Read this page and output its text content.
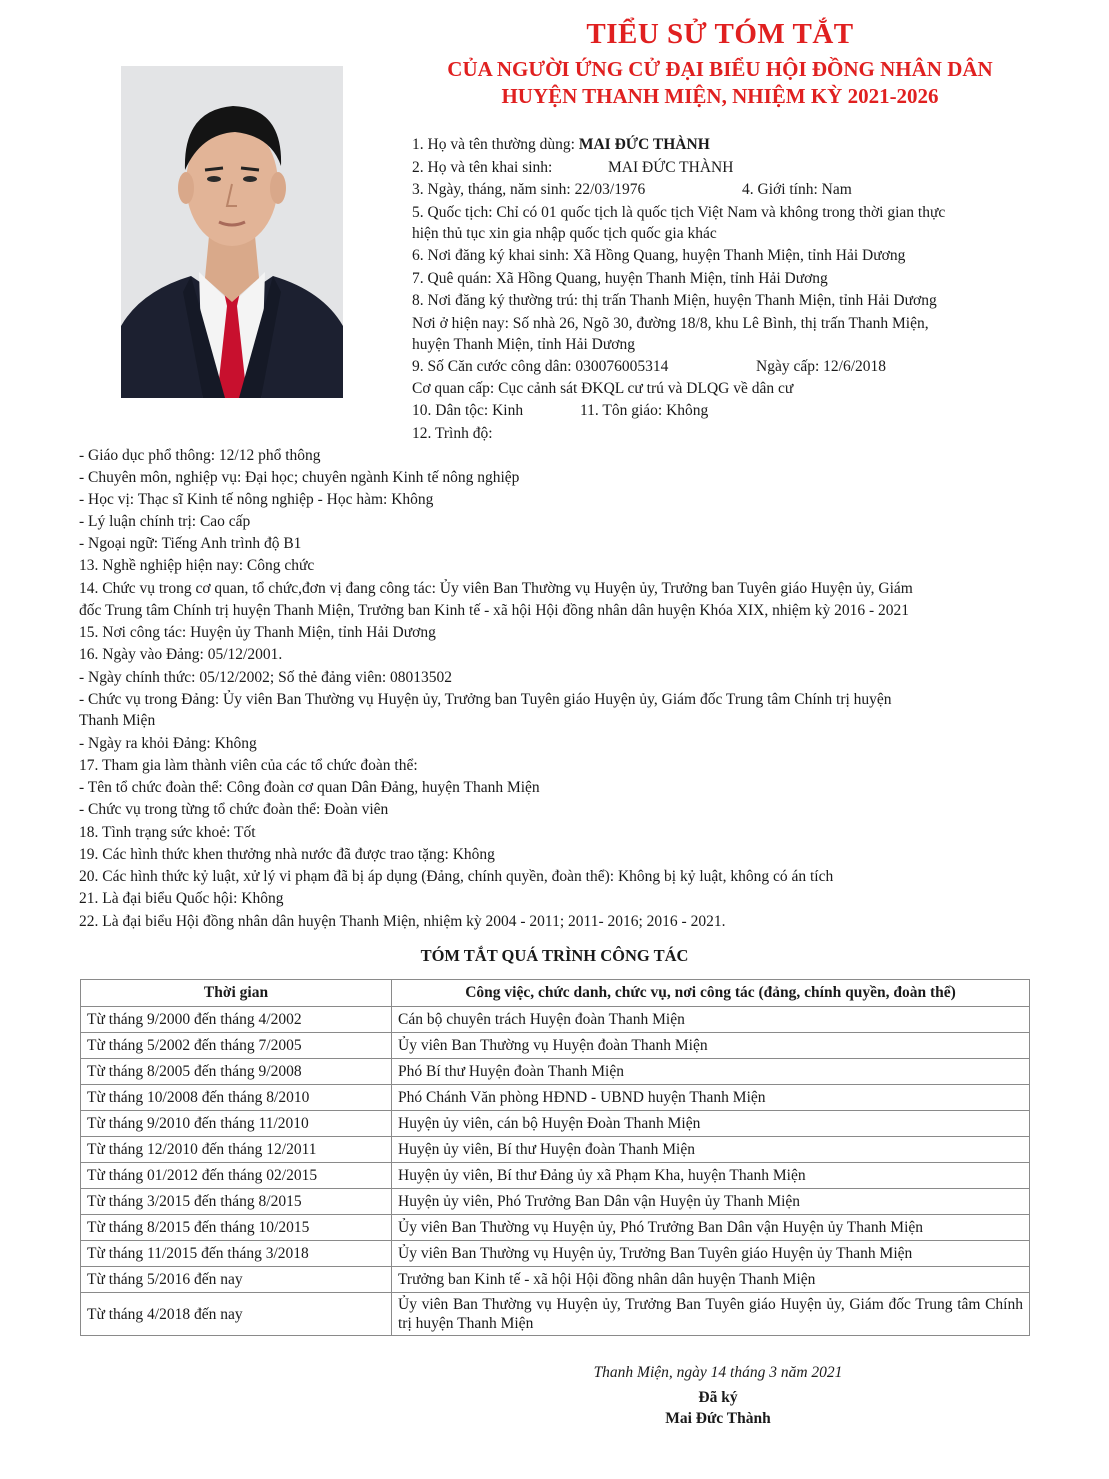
TIỂU SỬ TÓM TẮT
CỦA NGƯỜI ỨNG CỬ ĐẠI BIỂU HỘI ĐỒNG NHÂN DÂN
HUYỆN THANH MIỆN, NHIỆM KỲ 2021-2026
1. Họ và tên thường dùng: MAI ĐỨC THÀNH
2. Họ và tên khai sinh:	MAI ĐỨC THÀNH
3. Ngày, tháng, năm sinh: 22/03/1976	4. Giới tính: Nam
5. Quốc tịch: Chỉ có 01 quốc tịch là quốc tịch Việt Nam và không trong thời gian thực
hiện thủ tục xin gia nhập quốc tịch quốc gia khác
6. Nơi đăng ký khai sinh: Xã Hồng Quang, huyện Thanh Miện, tỉnh Hải Dương
7. Quê quán: Xã Hồng Quang, huyện Thanh Miện, tỉnh Hải Dương
8. Nơi đăng ký thường trú: thị trấn Thanh Miện, huyện Thanh Miện, tỉnh Hải Dương
Nơi ở hiện nay: Số nhà 26, Ngõ 30, đường 18/8, khu Lê Bình, thị trấn Thanh Miện,
huyện Thanh Miện, tỉnh Hải Dương
9. Số Căn cước công dân: 030076005314	Ngày cấp: 12/6/2018
Cơ quan cấp: Cục cảnh sát ĐKQL cư trú và DLQG về dân cư
10. Dân tộc: Kinh	11. Tôn giáo: Không
12. Trình độ:
- Giáo dục phổ thông: 12/12 phổ thông
- Chuyên môn, nghiệp vụ: Đại học; chuyên ngành Kinh tế nông nghiệp
- Học vị: Thạc sĩ Kinh tế nông nghiệp - Học hàm: Không
- Lý luận chính trị: Cao cấp
- Ngoại ngữ: Tiếng Anh trình độ B1
13. Nghề nghiệp hiện nay: Công chức
14. Chức vụ trong cơ quan, tổ chức,đơn vị đang công tác: Ủy viên Ban Thường vụ Huyện ủy, Trưởng ban Tuyên giáo Huyện ủy, Giám
đốc Trung tâm Chính trị huyện Thanh Miện, Trưởng ban Kinh tế - xã hội Hội đồng nhân dân huyện Khóa XIX, nhiệm kỳ 2016 - 2021
15. Nơi công tác: Huyện ủy Thanh Miện, tỉnh Hải Dương
16. Ngày vào Đảng: 05/12/2001.
- Ngày chính thức: 05/12/2002; Số thẻ đảng viên: 08013502
- Chức vụ trong Đảng: Ủy viên Ban Thường vụ Huyện ủy, Trưởng ban Tuyên giáo Huyện ủy, Giám đốc Trung tâm Chính trị huyện
Thanh Miện
- Ngày ra khỏi Đảng: Không
17. Tham gia làm thành viên của các tổ chức đoàn thể:
- Tên tổ chức đoàn thể: Công đoàn cơ quan Dân Đảng, huyện Thanh Miện
- Chức vụ trong từng tổ chức đoàn thể: Đoàn viên
18. Tình trạng sức khoẻ: Tốt
19. Các hình thức khen thưởng nhà nước đã được trao tặng: Không
20. Các hình thức kỷ luật, xử lý vi phạm đã bị áp dụng (Đảng, chính quyền, đoàn thể): Không bị kỷ luật, không có án tích
21. Là đại biểu Quốc hội: Không
22. Là đại biểu Hội đồng nhân dân huyện Thanh Miện, nhiệm kỳ 2004 - 2011; 2011- 2016; 2016 - 2021.
TÓM TẮT QUÁ TRÌNH CÔNG TÁC
Thời gian	Công việc, chức danh, chức vụ, nơi công tác (đảng, chính quyền, đoàn thể)
Từ tháng 9/2000 đến tháng 4/2002	Cán bộ chuyên trách Huyện đoàn Thanh Miện
Từ tháng 5/2002 đến tháng 7/2005	Ủy viên Ban Thường vụ Huyện đoàn Thanh Miện
Từ tháng 8/2005 đến tháng 9/2008	Phó Bí thư Huyện đoàn Thanh Miện
Từ tháng 10/2008 đến tháng 8/2010	Phó Chánh Văn phòng HĐND - UBND huyện Thanh Miện
Từ tháng 9/2010 đến tháng 11/2010	Huyện ủy viên, cán bộ Huyện Đoàn Thanh Miện
Từ tháng 12/2010 đến tháng 12/2011	Huyện ủy viên, Bí thư Huyện đoàn Thanh Miện
Từ tháng 01/2012 đến tháng 02/2015	Huyện ủy viên, Bí thư Đảng ủy xã Phạm Kha, huyện Thanh Miện
Từ tháng 3/2015 đến tháng 8/2015	Huyện ủy viên, Phó Trưởng Ban Dân vận Huyện ủy Thanh Miện
Từ tháng 8/2015 đến tháng 10/2015	Ủy viên Ban Thường vụ Huyện ủy, Phó Trưởng Ban Dân vận Huyện ủy Thanh Miện
Từ tháng 11/2015 đến tháng 3/2018	Ủy viên Ban Thường vụ Huyện ủy, Trưởng Ban Tuyên giáo Huyện ủy Thanh Miện
Từ tháng 5/2016 đến nay	Trưởng ban Kinh tế - xã hội Hội đồng nhân dân huyện Thanh Miện
Từ tháng 4/2018 đến nay	Ủy viên Ban Thường vụ Huyện ủy, Trưởng Ban Tuyên giáo Huyện ủy, Giám đốc Trung tâm Chính trị huyện Thanh Miện
Thanh Miện, ngày 14 tháng 3 năm 2021
Đã ký
Mai Đức Thành
